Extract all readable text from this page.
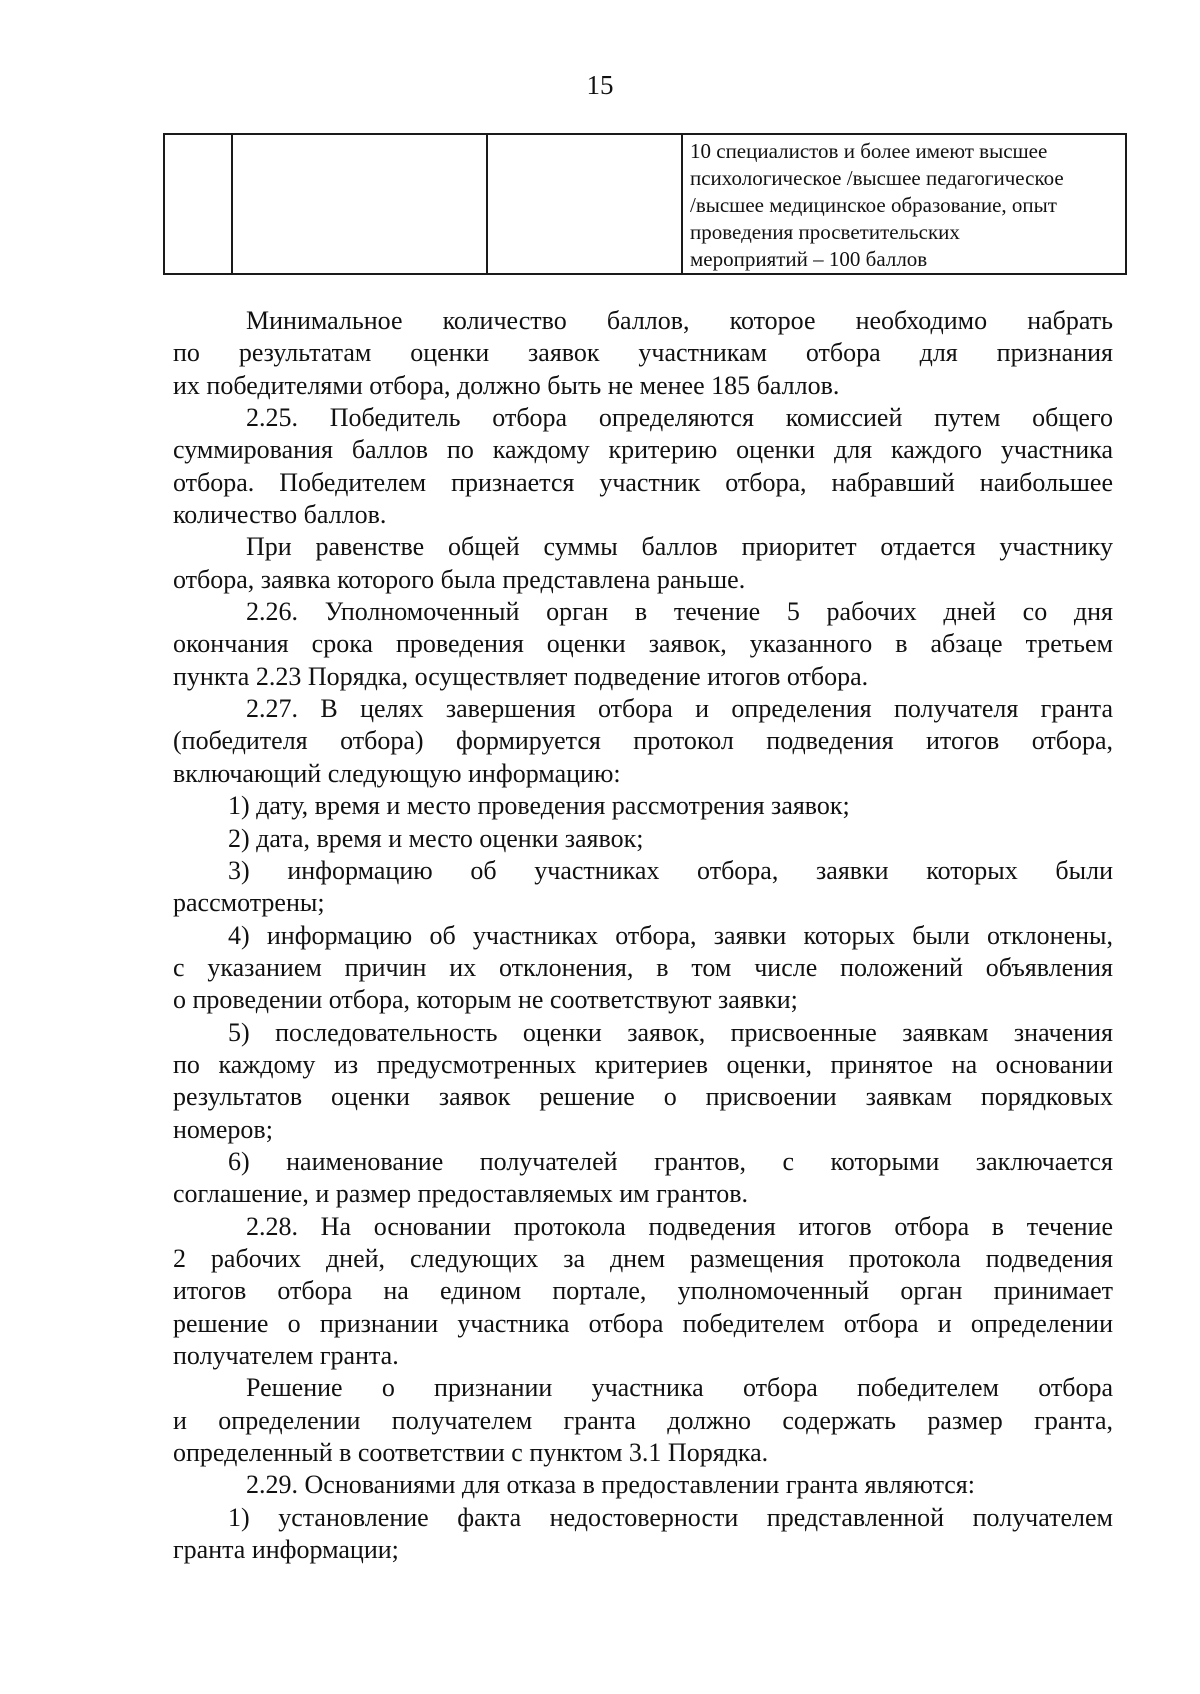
15

10 специалистов и более имеют высшее
психологическое /высшее педагогическое
/высшее медицинское образование, опыт
проведения просветительских
мероприятий – 100 баллов
Минимальное количество баллов, которое необходимо набрать
по результатам оценки заявок участникам отбора для признания
их победителями отбора, должно быть не менее 185 баллов.
2.25. Победитель отбора определяются комиссией путем общего
суммирования баллов по каждому критерию оценки для каждого участника
отбора. Победителем признается участник отбора, набравший наибольшее
количество баллов.
При равенстве общей суммы баллов приоритет отдается участнику
отбора, заявка которого была представлена раньше.
2.26. Уполномоченный орган в течение 5 рабочих дней со дня
окончания срока проведения оценки заявок, указанного в абзаце третьем
пункта 2.23 Порядка, осуществляет подведение итогов отбора.
2.27. В целях завершения отбора и определения получателя гранта
(победителя отбора) формируется протокол подведения итогов отбора,
включающий следующую информацию:
1) дату, время и место проведения рассмотрения заявок;
2) дата, время и место оценки заявок;
3) информацию об участниках отбора, заявки которых были
рассмотрены;
4) информацию об участниках отбора, заявки которых были отклонены,
с указанием причин их отклонения, в том числе положений объявления
о проведении отбора, которым не соответствуют заявки;
5) последовательность оценки заявок, присвоенные заявкам значения
по каждому из предусмотренных критериев оценки, принятое на основании
результатов оценки заявок решение о присвоении заявкам порядковых
номеров;
6) наименование получателей грантов, с которыми заключается
соглашение, и размер предоставляемых им грантов.
2.28. На основании протокола подведения итогов отбора в течение
2 рабочих дней, следующих за днем размещения протокола подведения
итогов отбора на едином портале, уполномоченный орган принимает
решение о признании участника отбора победителем отбора и определении
получателем гранта.
Решение о признании участника отбора победителем отбора
и определении получателем гранта должно содержать размер гранта,
определенный в соответствии с пунктом 3.1 Порядка.
2.29. Основаниями для отказа в предоставлении гранта являются:
1) установление факта недостоверности представленной получателем
гранта информации;
